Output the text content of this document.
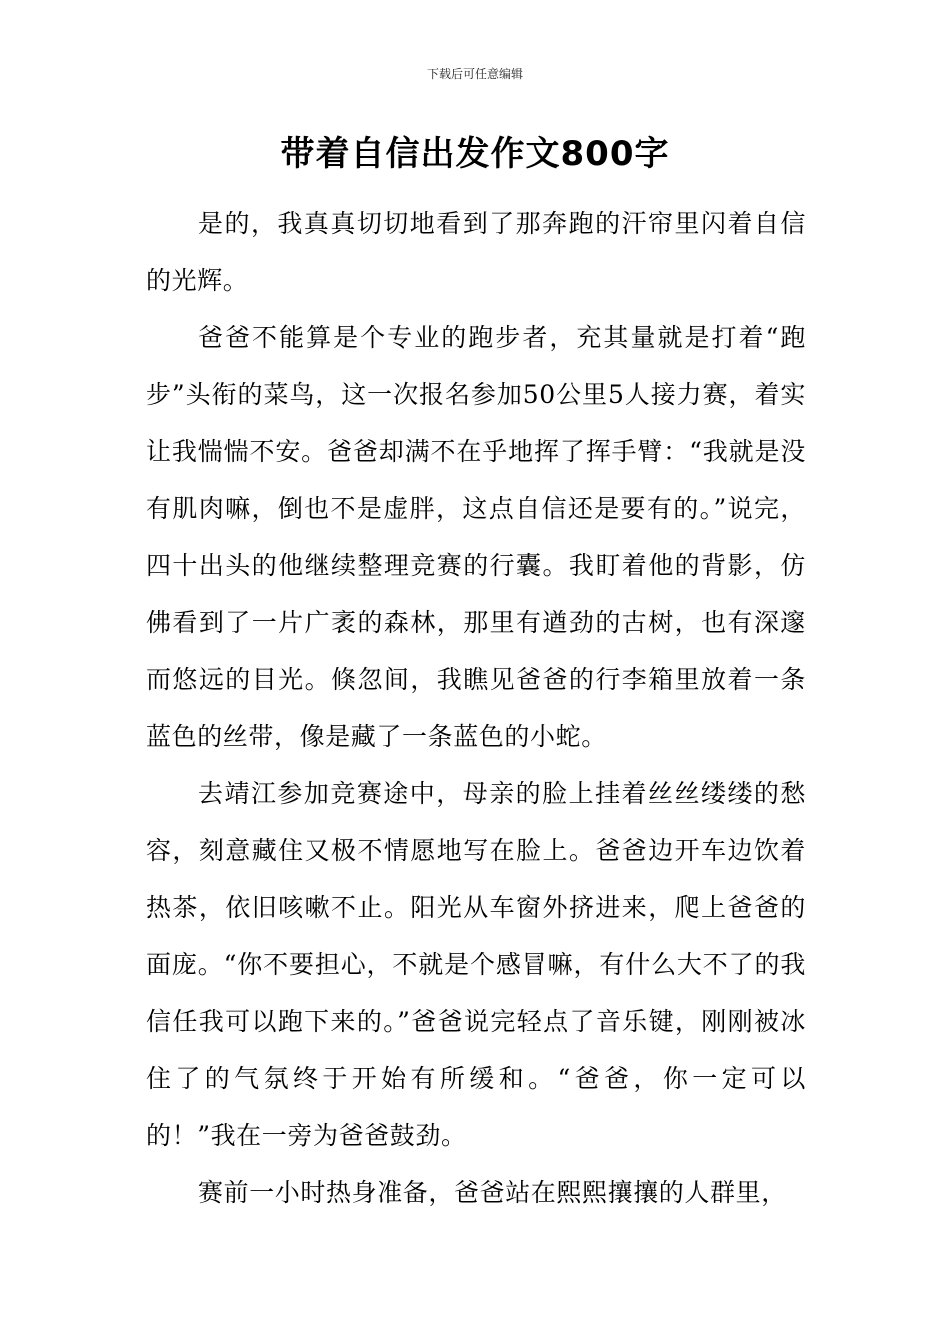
下载后可任意编辑
带着自信出发作文800字

是的，我真真切切地看到了那奔跑的汗帘里闪着自信的光辉。

爸爸不能算是个专业的跑步者，充其量就是打着“跑步”头衔的菜鸟，这一次报名参加50公里5人接力赛，着实让我惴惴不安。爸爸却满不在乎地挥了挥手臂：“我就是没有肌肉嘛，倒也不是虚胖，这点自信还是要有的。”说完，四十出头的他继续整理竞赛的行囊。我盯着他的背影，仿佛看到了一片广袤的森林，那里有遒劲的古树，也有深邃而悠远的目光。倏忽间，我瞧见爸爸的行李箱里放着一条蓝色的丝带，像是藏了一条蓝色的小蛇。

去靖江参加竞赛途中，母亲的脸上挂着丝丝缕缕的愁容，刻意藏住又极不情愿地写在脸上。爸爸边开车边饮着热茶，依旧咳嗽不止。阳光从车窗外挤进来，爬上爸爸的面庞。“你不要担心，不就是个感冒嘛，有什么大不了的我信任我可以跑下来的。”爸爸说完轻点了音乐键，刚刚被冰住了的气氛终于开始有所缓和。“爸爸，你一定可以的！”我在一旁为爸爸鼓劲。

赛前一小时热身准备，爸爸站在熙熙攘攘的人群里，
